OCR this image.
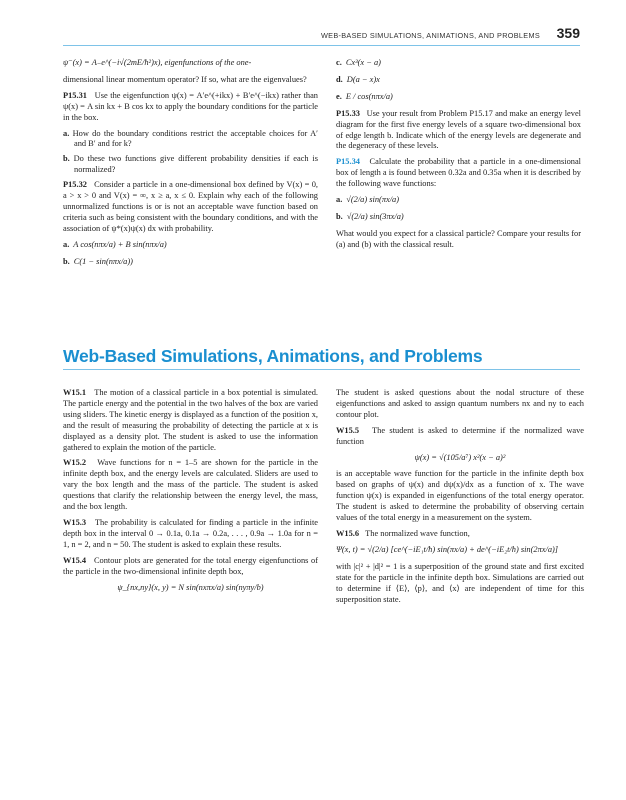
WEB-BASED SIMULATIONS, ANIMATIONS, AND PROBLEMS 359

ψ⁻(x) = A₋e^(−i√(2mE/ħ²)x), eigenfunctions of the one-

dimensional linear momentum operator? If so, what are the eigenvalues?

P15.31 Use the eigenfunction ψ(x) = A′e^(+ikx) + B′e^(−ikx) rather than ψ(x) = A sin kx + B cos kx to apply the boundary conditions for the particle in the box.

a. How do the boundary conditions restrict the acceptable choices for A′ and B′ and for k?

b. Do these two functions give different probability densities if each is normalized?

P15.32 Consider a particle in a one-dimensional box defined by V(x) = 0, a > x > 0 and V(x) = ∞, x ≥ a, x ≤ 0. Explain why each of the following unnormalized functions is or is not an acceptable wave function based on criteria such as being consistent with the boundary conditions, and with the association of ψ*(x)ψ(x) dx with probability.

a. A cos(nπx/a) + B sin(nπx/a)

b. C(1 − sin(nπx/a))

c. Cx³(x − a)

d. D(a − x)x

e. E / cos(nπx/a)

P15.33 Use your result from Problem P15.17 and make an energy level diagram for the first five energy levels of a square two-dimensional box of edge length b. Indicate which of the energy levels are degenerate and the degeneracy of these levels.

P15.34 Calculate the probability that a particle in a one-dimensional box of length a is found between 0.32a and 0.35a when it is described by the following wave functions:

a. √(2/a) sin(πx/a)

b. √(2/a) sin(3πx/a)

What would you expect for a classical particle? Compare your results for (a) and (b) with the classical result.

Web-Based Simulations, Animations, and Problems

W15.1 The motion of a classical particle in a box potential is simulated. The particle energy and the potential in the two halves of the box are varied using sliders. The kinetic energy is displayed as a function of the position x, and the result of measuring the probability of detecting the particle at x is displayed as a density plot. The student is asked to use the information gathered to explain the motion of the particle.

W15.2 Wave functions for n = 1–5 are shown for the particle in the infinite depth box, and the energy levels are calculated. Sliders are used to vary the box length and the mass of the particle. The student is asked questions that clarify the relationship between the energy level, the mass, and the box length.

W15.3 The probability is calculated for finding a particle in the infinite depth box in the interval 0 → 0.1a, 0.1a → 0.2a, . . . , 0.9a → 1.0a for n = 1, n = 2, and n = 50. The student is asked to explain these results.

W15.4 Contour plots are generated for the total energy eigenfunctions of the particle in the two-dimensional infinite depth box,

ψ_{nx,ny}(x, y) = N sin(nxπx/a) sin(nyπy/b)

The student is asked questions about the nodal structure of these eigenfunctions and asked to assign quantum numbers nx and ny to each contour plot.

W15.5 The student is asked to determine if the normalized wave function

ψ(x) = √(105/a⁷) x²(x − a)²

is an acceptable wave function for the particle in the infinite depth box based on graphs of ψ(x) and dψ(x)/dx as a function of x. The wave function ψ(x) is expanded in eigenfunctions of the total energy operator. The student is asked to determine the probability of observing certain values of the total energy in a measurement on the system.

W15.6 The normalized wave function,

Ψ(x, t) = √(2/a) [ce^(−iE₁t/ħ) sin(πx/a) + de^(−iE₂t/ħ) sin(2πx/a)]

with |c|² + |d|² = 1 is a superposition of the ground state and first excited state for the particle in the infinite depth box. Simulations are carried out to determine if ⟨E⟩, ⟨p⟩, and ⟨x⟩ are independent of time for this superposition state.
